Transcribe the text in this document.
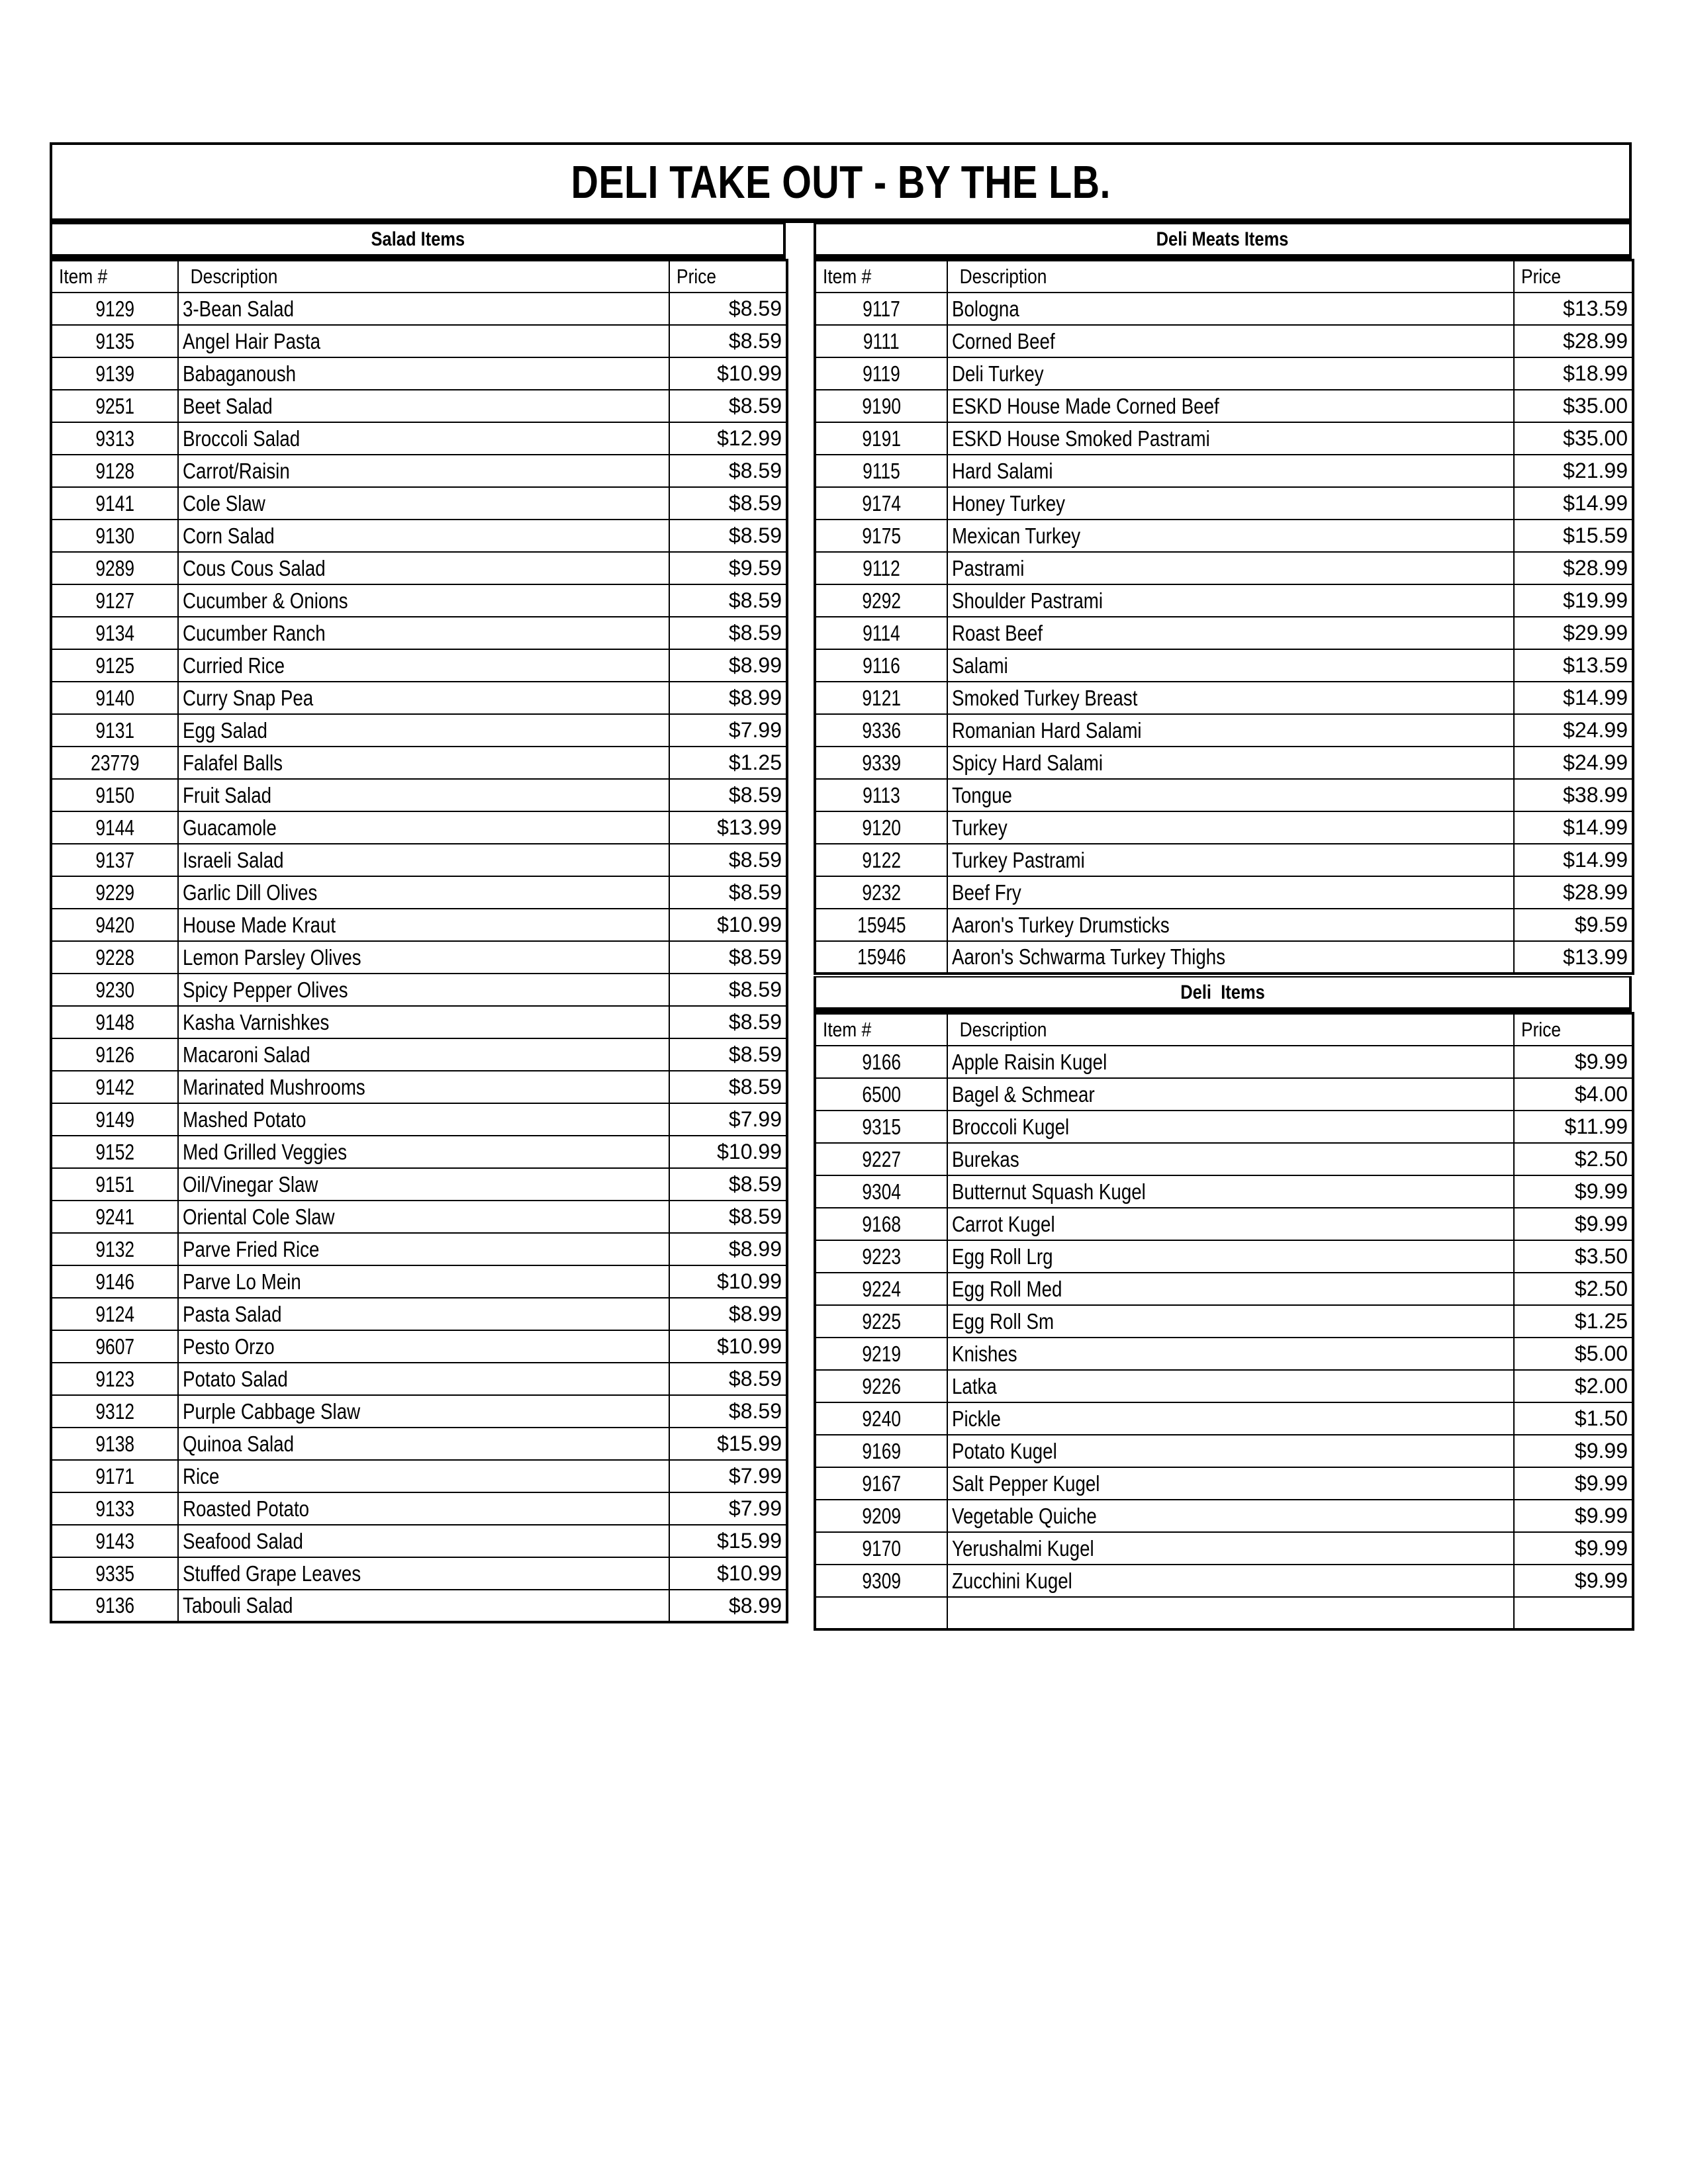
DELI TAKE OUT - BY THE LB.
Salad Items
Item #	Description	Price
9129	3-Bean Salad	$8.59
9135	Angel Hair Pasta	$8.59
9139	Babaganoush	$10.99
9251	Beet Salad	$8.59
9313	Broccoli Salad	$12.99
9128	Carrot/Raisin	$8.59
9141	Cole Slaw	$8.59
9130	Corn Salad	$8.59
9289	Cous Cous Salad	$9.59
9127	Cucumber & Onions	$8.59
9134	Cucumber Ranch	$8.59
9125	Curried Rice	$8.99
9140	Curry Snap Pea	$8.99
9131	Egg Salad	$7.99
23779	Falafel Balls	$1.25
9150	Fruit Salad	$8.59
9144	Guacamole	$13.99
9137	Israeli Salad	$8.59
9229	Garlic Dill Olives	$8.59
9420	House Made Kraut	$10.99
9228	Lemon Parsley Olives	$8.59
9230	Spicy Pepper Olives	$8.59
9148	Kasha Varnishkes	$8.59
9126	Macaroni Salad	$8.59
9142	Marinated Mushrooms	$8.59
9149	Mashed Potato	$7.99
9152	Med Grilled Veggies	$10.99
9151	Oil/Vinegar Slaw	$8.59
9241	Oriental Cole Slaw	$8.59
9132	Parve Fried Rice	$8.99
9146	Parve Lo Mein	$10.99
9124	Pasta Salad	$8.99
9607	Pesto Orzo	$10.99
9123	Potato Salad	$8.59
9312	Purple Cabbage Slaw	$8.59
9138	Quinoa Salad	$15.99
9171	Rice	$7.99
9133	Roasted Potato	$7.99
9143	Seafood Salad	$15.99
9335	Stuffed Grape Leaves	$10.99
9136	Tabouli Salad	$8.99
Deli Meats Items
Item #	Description	Price
9117	Bologna	$13.59
9111	Corned Beef	$28.99
9119	Deli Turkey	$18.99
9190	ESKD House Made Corned Beef	$35.00
9191	ESKD House Smoked Pastrami	$35.00
9115	Hard Salami	$21.99
9174	Honey Turkey	$14.99
9175	Mexican Turkey	$15.59
9112	Pastrami	$28.99
9292	Shoulder Pastrami	$19.99
9114	Roast Beef	$29.99
9116	Salami	$13.59
9121	Smoked Turkey Breast	$14.99
9336	Romanian Hard Salami	$24.99
9339	Spicy Hard Salami	$24.99
9113	Tongue	$38.99
9120	Turkey	$14.99
9122	Turkey Pastrami	$14.99
9232	Beef Fry	$28.99
15945	Aaron's Turkey Drumsticks	$9.59
15946	Aaron's Schwarma Turkey Thighs	$13.99
Deli  Items
Item #	Description	Price
9166	Apple Raisin Kugel	$9.99
6500	Bagel & Schmear	$4.00
9315	Broccoli Kugel	$11.99
9227	Burekas	$2.50
9304	Butternut Squash Kugel	$9.99
9168	Carrot Kugel	$9.99
9223	Egg Roll Lrg	$3.50
9224	Egg Roll Med	$2.50
9225	Egg Roll Sm	$1.25
9219	Knishes	$5.00
9226	Latka	$2.00
9240	Pickle	$1.50
9169	Potato Kugel	$9.99
9167	Salt Pepper Kugel	$9.99
9209	Vegetable Quiche	$9.99
9170	Yerushalmi Kugel	$9.99
9309	Zucchini Kugel	$9.99
